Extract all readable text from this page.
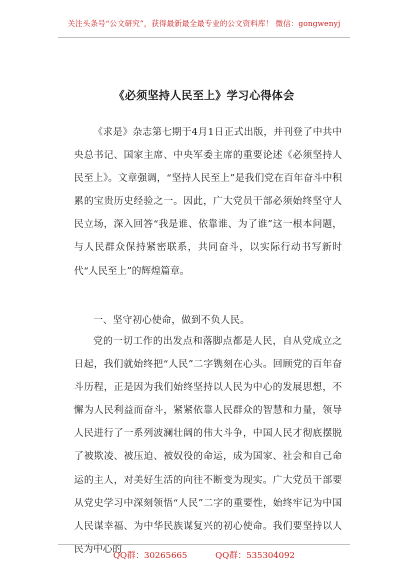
关注头条号“公文研究”，获得最新最全最专业的公文资料库！ 微信：gongwenyj
《必须坚持人民至上》学习心得体会

《求是》杂志第七期于4月1日正式出版，并刊登了中共中央总书记、国家主席、中央军委主席的重要论述《必须坚持人民至上》。文章强调，“坚持人民至上”是我们党在百年奋斗中积累的宝贵历史经验之一。因此，广大党员干部必须始终坚守人民立场，深入回答“我是谁、依靠谁、为了谁”这一根本问题，与人民群众保持紧密联系，共同奋斗，以实际行动书写新时代“人民至上”的辉煌篇章。

一、坚守初心使命，做到不负人民。

党的一切工作的出发点和落脚点都是人民，自从党成立之日起，我们就始终把“人民”二字镌刻在心头。回顾党的百年奋斗历程，正是因为我们始终坚持以人民为中心的发展思想，不懈为人民利益而奋斗，紧紧依靠人民群众的智慧和力量，领导人民进行了一系列波澜壮阔的伟大斗争，中国人民才彻底摆脱了被欺凌、被压迫、被奴役的命运，成为国家、社会和自己命运的主人，对美好生活的向往不断变为现实。广大党员干部要从党史学习中深刻领悟“人民”二字的重要性，始终牢记为中国人民谋幸福、为中华民族谋复兴的初心使命。我们要坚持以人民为中心的

QQ群：30265665	QQ群：535304092
